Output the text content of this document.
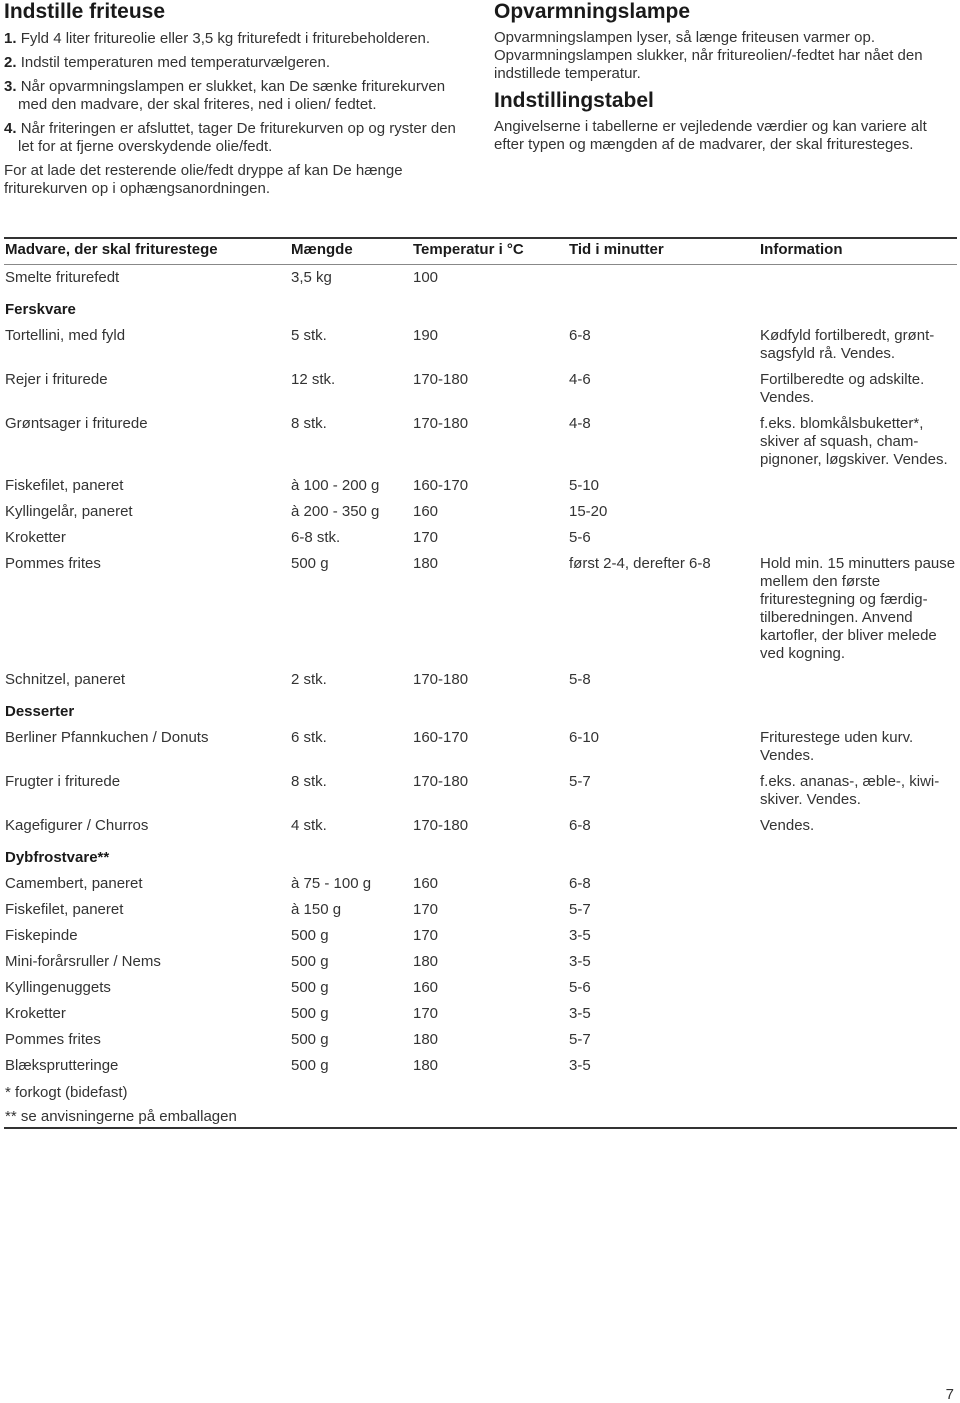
Indstille friteuse
1. Fyld 4 liter fritureolie eller 3,5 kg friturefedt i friturebeholderen.
2. Indstil temperaturen med temperaturvælgeren.
3. Når opvarmningslampen er slukket, kan De sænke friturekurven med den madvare, der skal friteres, ned i olien/ fedtet.
4. Når friteringen er afsluttet, tager De friturekurven op og ryster den let for at fjerne overskydende olie/fedt.

For at lade det resterende olie/fedt dryppe af kan De hænge friturekurven op i ophængsanordningen.

Opvarmningslampe

Opvarmningslampen lyser, så længe friteusen varmer op. Opvarmningslampen slukker, når fritureolien/-fedtet har nået den indstillede temperatur.

Indstillingstabel

Angivelserne i tabellerne er vejledende værdier og kan variere alt efter typen og mængden af de madvarer, der skal frituresteges.

Madvare, der skal friturestege	Mængde	Temperatur i °C	Tid i minutter	Information
Smelte friturefedt	3,5 kg	100		
Ferskvare				
Tortellini, med fyld	5 stk.	190	6-8	Kødfyld fortilberedt, grøntsagsfyld rå. Vendes.
Rejer i friturede	12 stk.	170-180	4-6	Fortilberedte og adskilte. Vendes.
Grøntsager i friturede	8 stk.	170-180	4-8	f.eks. blomkålsbuketter*, skiver af squash, champignoner, løgskiver. Vendes.
Fiskefilet, paneret	à 100 - 200 g	160-170	5-10	
Kyllingelår, paneret	à 200 - 350 g	160	15-20	
Kroketter	6-8 stk.	170	5-6	
Pommes frites	500 g	180	først 2-4, derefter 6-8	Hold min. 15 minutters pause mellem den første friturestegning og færdigtilberedningen. Anvend kartofler, der bliver melede ved kogning.
Schnitzel, paneret	2 stk.	170-180	5-8	
Desserter				
Berliner Pfannkuchen / Donuts	6 stk.	160-170	6-10	Friturestege uden kurv. Vendes.
Frugter i friturede	8 stk.	170-180	5-7	f.eks. ananas-, æble-, kiwiskiver. Vendes.
Kagefigurer / Churros	4 stk.	170-180	6-8	Vendes.
Dybfrostvare**				
Camembert, paneret	à 75 - 100 g	160	6-8	
Fiskefilet, paneret	à 150 g	170	5-7	
Fiskepinde	500 g	170	3-5	
Mini-forårsruller / Nems	500 g	180	3-5	
Kyllingenuggets	500 g	160	5-6	
Kroketter	500 g	170	3-5	
Pommes frites	500 g	180	5-7	
Blæksprutteringe	500 g	180	3-5	
* forkogt (bidefast)				
** se anvisningerne på emballagen				
7
